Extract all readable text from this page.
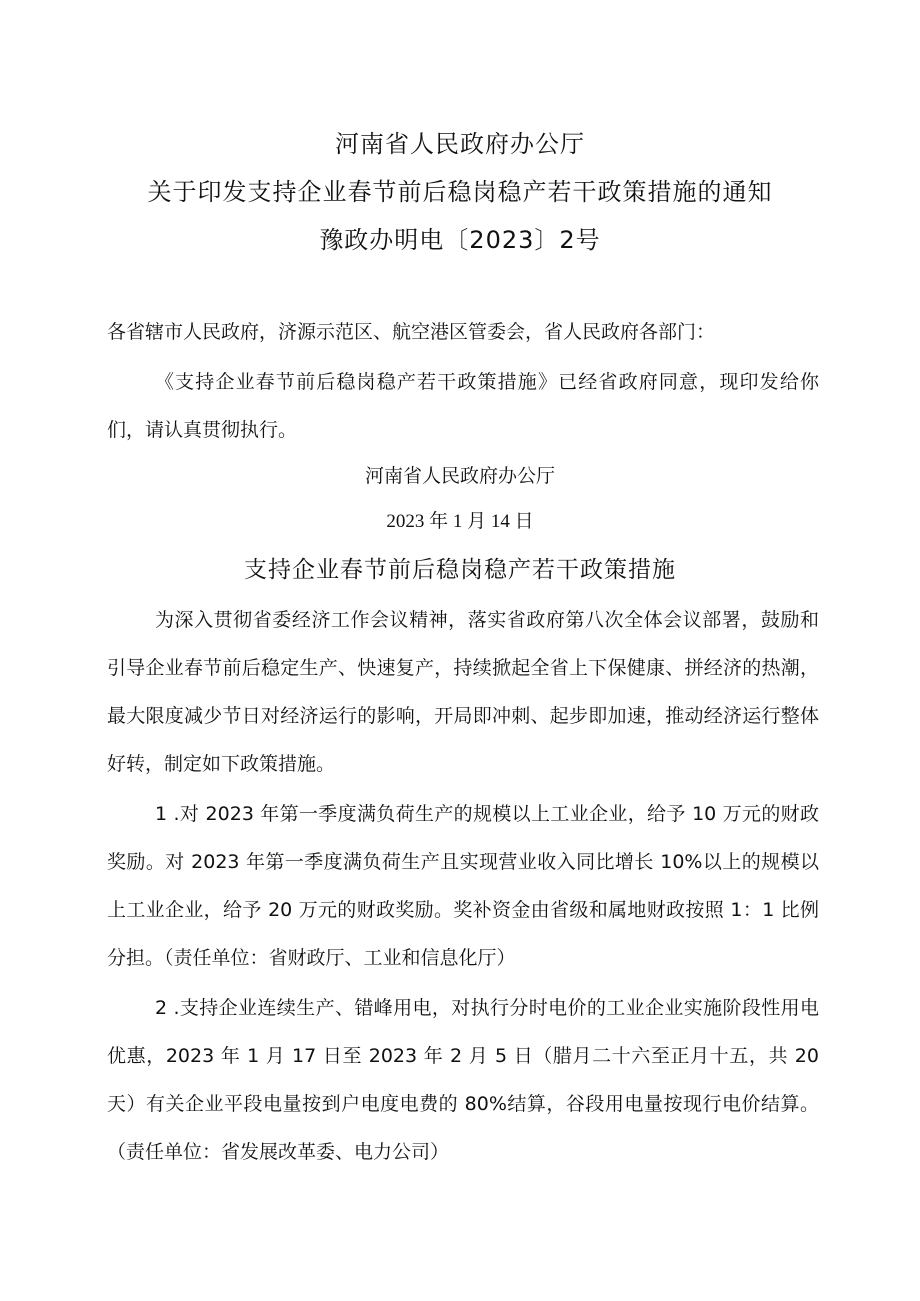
河南省人民政府办公厅
关于印发支持企业春节前后稳岗稳产若干政策措施的通知
豫政办明电〔2023〕2号
各省辖市人民政府，济源示范区、航空港区管委会，省人民政府各部门：
《支持企业春节前后稳岗稳产若干政策措施》已经省政府同意，现印发给你们，请认真贯彻执行。
河南省人民政府办公厅
2023 年 1 月 14 日
支持企业春节前后稳岗稳产若干政策措施
为深入贯彻省委经济工作会议精神，落实省政府第八次全体会议部署，鼓励和引导企业春节前后稳定生产、快速复产，持续掀起全省上下保健康、拼经济的热潮，最大限度减少节日对经济运行的影响，开局即冲刺、起步即加速，推动经济运行整体好转，制定如下政策措施。
1 .对 2023 年第一季度满负荷生产的规模以上工业企业，给予 10 万元的财政奖励。对 2023 年第一季度满负荷生产且实现营业收入同比增长 10%以上的规模以上工业企业，给予 20 万元的财政奖励。奖补资金由省级和属地财政按照 1：1 比例分担。（责任单位：省财政厅、工业和信息化厅）
2 .支持企业连续生产、错峰用电，对执行分时电价的工业企业实施阶段性用电优惠，2023 年 1 月 17 日至 2023 年 2 月 5 日（腊月二十六至正月十五，共 20 天）有关企业平段电量按到户电度电费的 80%结算，谷段用电量按现行电价结算。（责任单位：省发展改革委、电力公司）
